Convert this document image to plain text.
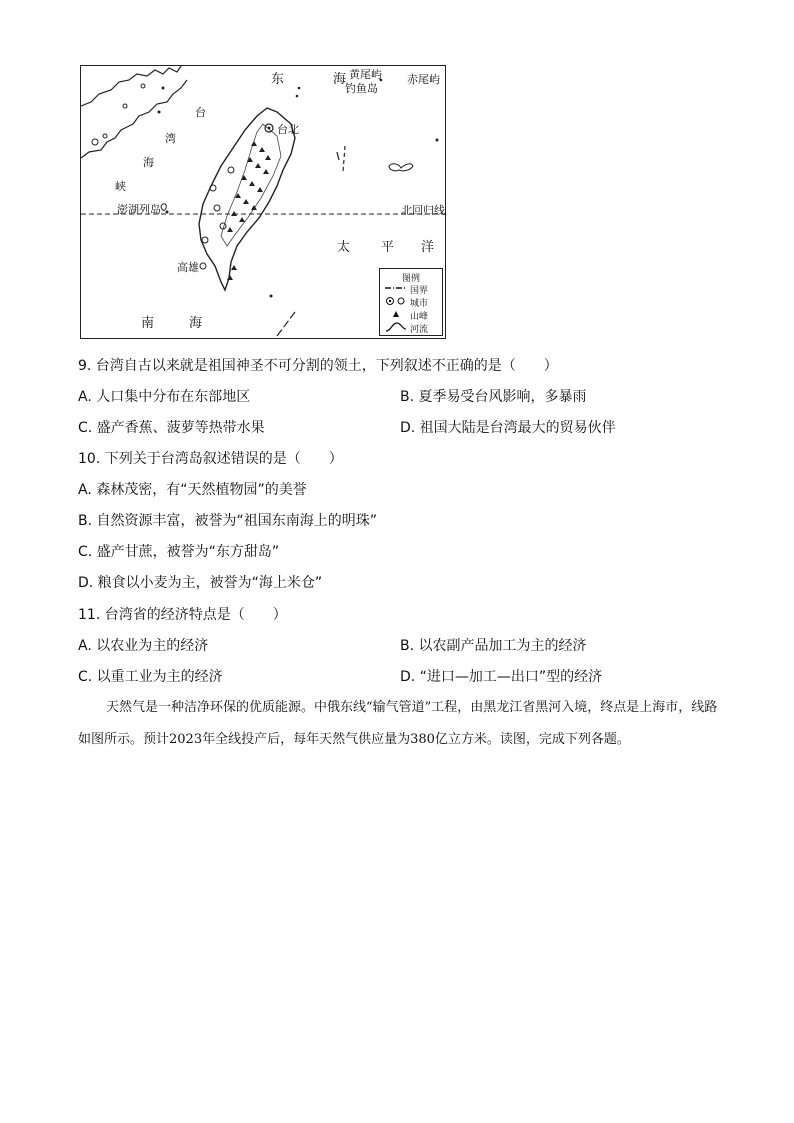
东	海 黄尾屿
钓鱼岛
赤尾屿
台
湾
海
峡
台北
澎湖列岛	北回归线
太 平 洋
高雄
南	海
图例
国界
城市
山峰
河流
9. 台湾自古以来就是祖国神圣不可分割的领土，下列叙述不正确的是（　　）
A. 人口集中分布在东部地区	B. 夏季易受台风影响，多暴雨
C. 盛产香蕉、菠萝等热带水果	D. 祖国大陆是台湾最大的贸易伙伴
10. 下列关于台湾岛叙述错误的是（　　）
A. 森林茂密，有“天然植物园”的美誉
B. 自然资源丰富，被誉为“祖国东南海上的明珠”
C. 盛产甘蔗，被誉为“东方甜岛”
D. 粮食以小麦为主，被誉为“海上米仓”
11. 台湾省的经济特点是（　　）
A. 以农业为主的经济	B. 以农副产品加工为主的经济
C. 以重工业为主的经济	D. “进口—加工—出口”型的经济
天然气是一种洁净环保的优质能源。中俄东线“输气管道”工程，由黑龙江省黑河入境，终点是上海市，线路如图所示。预计2023年全线投产后，每年天然气供应量为380亿立方米。读图，完成下列各题。
